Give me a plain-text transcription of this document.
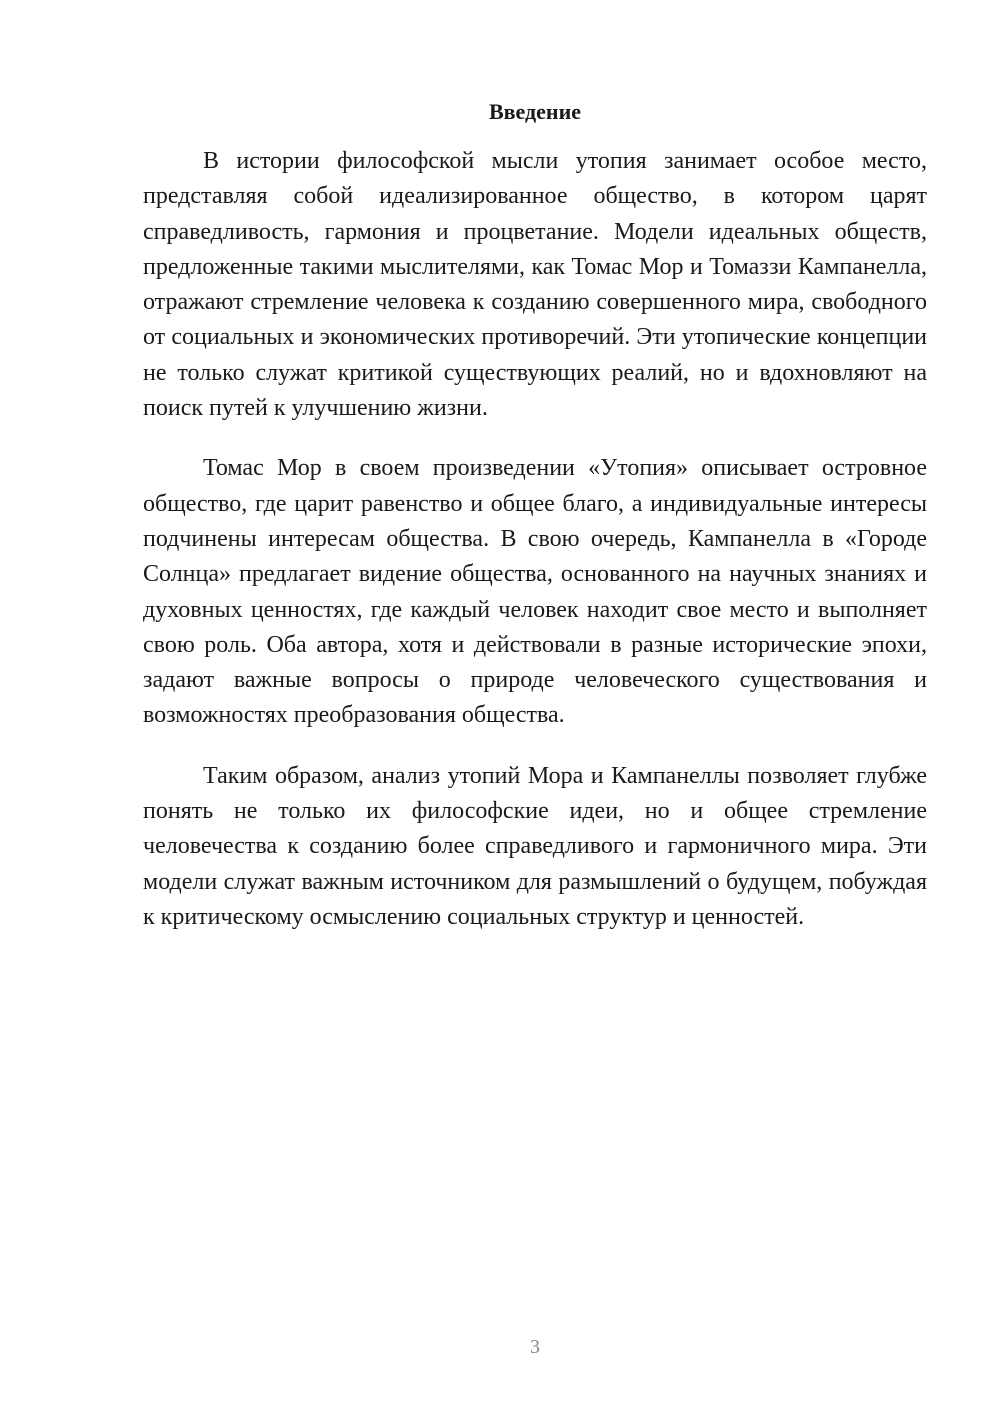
Введение

В истории философской мысли утопия занимает особое место, представляя собой идеализированное общество, в котором царят справедливость, гармония и процветание. Модели идеальных обществ, предложенные такими мыслителями, как Томас Мор и Томаззи Кампанелла, отражают стремление человека к созданию совершенного мира, свободного от социальных и экономических противоречий. Эти утопические концепции не только служат критикой существующих реалий, но и вдохновляют на поиск путей к улучшению жизни.

Томас Мор в своем произведении «Утопия» описывает островное общество, где царит равенство и общее благо, а индивидуальные интересы подчинены интересам общества. В свою очередь, Кампанелла в «Городе Солнца» предлагает видение общества, основанного на научных знаниях и духовных ценностях, где каждый человек находит свое место и выполняет свою роль. Оба автора, хотя и действовали в разные исторические эпохи, задают важные вопросы о природе человеческого существования и возможностях преобразования общества.

Таким образом, анализ утопий Мора и Кампанеллы позволяет глубже понять не только их философские идеи, но и общее стремление человечества к созданию более справедливого и гармоничного мира. Эти модели служат важным источником для размышлений о будущем, побуждая к критическому осмыслению социальных структур и ценностей.

3
